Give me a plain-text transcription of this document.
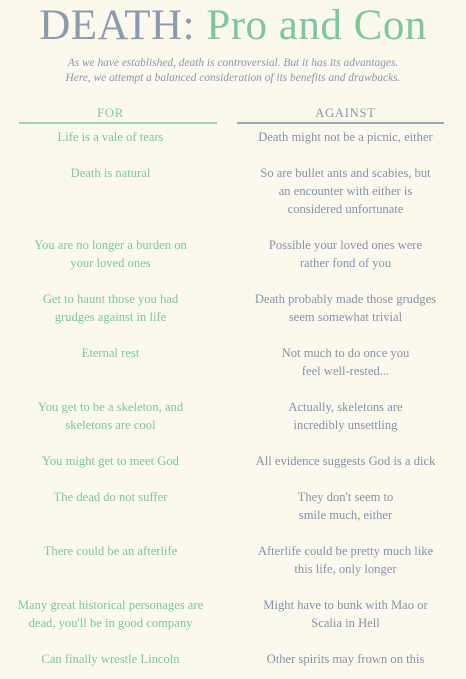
DEATH: Pro and Con
As we have established, death is controversial. But it has its advantages.
Here, we attempt a balanced consideration of its benefits and drawbacks.
FOR
Life is a vale of tears
Death is natural
You are no longer a burden on
your loved ones
Get to haunt those you had
grudges against in life
Eternal rest
You get to be a skeleton, and
skeletons are cool
You might get to meet God
The dead do not suffer
There could be an afterlife
Many great historical personages are
dead, you'll be in good company
Can finally wrestle Lincoln
AGAINST
Death might not be a picnic, either
So are bullet ants and scabies, but
an encounter with either is
considered unfortunate
Possible your loved ones were
rather fond of you
Death probably made those grudges
seem somewhat trivial
Not much to do once you
feel well-rested...
Actually, skeletons are
incredibly unsettling
All evidence suggests God is a dick
They don't seem to
smile much, either
Afterlife could be pretty much like
this life, only longer
Might have to bunk with Mao or
Scalia in Hell
Other spirits may frown on this
